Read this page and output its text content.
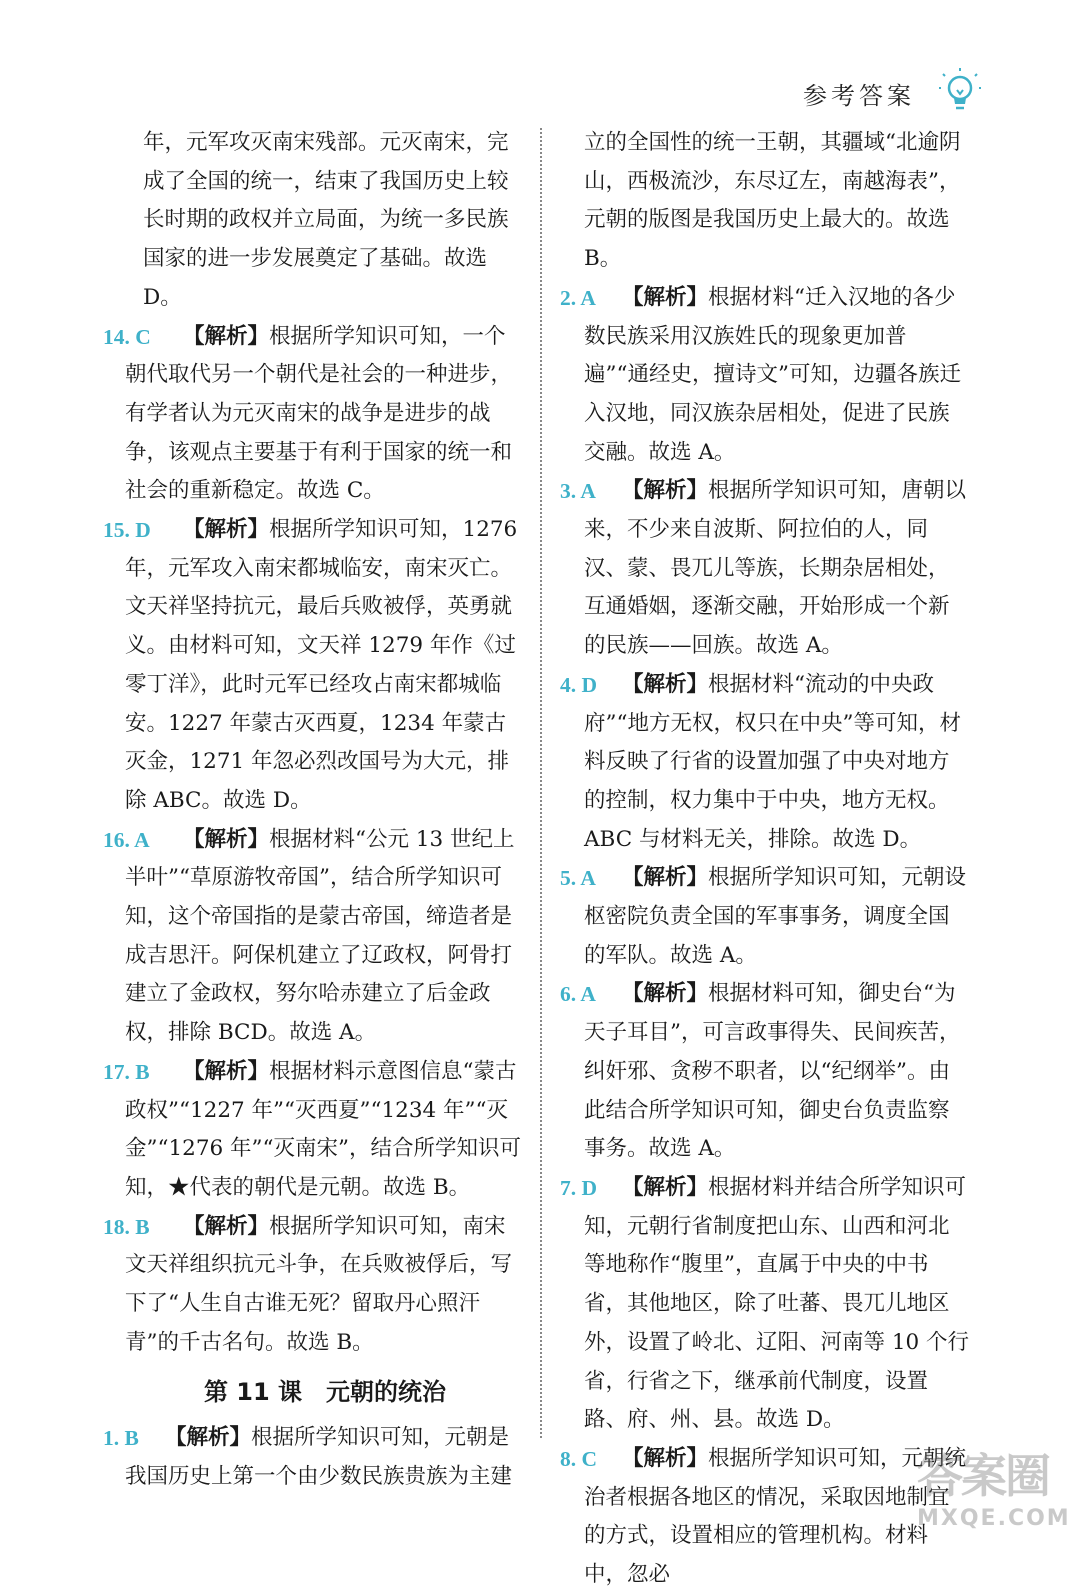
参考答案

年，元军攻灭南宋残部。元灭南宋，完成了全国的统一，结束了我国历史上较长时期的政权并立局面，为统一多民族国家的进一步发展奠定了基础。故选 D。

14. C 【解析】根据所学知识可知，一个朝代取代另一个朝代是社会的一种进步，有学者认为元灭南宋的战争是进步的战争，该观点主要基于有利于国家的统一和社会的重新稳定。故选 C。
15. D 【解析】根据所学知识可知，1276 年，元军攻入南宋都城临安，南宋灭亡。文天祥坚持抗元，最后兵败被俘，英勇就义。由材料可知，文天祥 1279 年作《过零丁洋》，此时元军已经攻占南宋都城临安。1227 年蒙古灭西夏，1234 年蒙古灭金，1271 年忽必烈改国号为大元，排除 ABC。故选 D。
16. A 【解析】根据材料“公元 13 世纪上半叶”“草原游牧帝国”，结合所学知识可知，这个帝国指的是蒙古帝国，缔造者是成吉思汗。阿保机建立了辽政权，阿骨打建立了金政权，努尔哈赤建立了后金政权，排除 BCD。故选 A。
17. B 【解析】根据材料示意图信息“蒙古政权”“1227 年”“灭西夏”“1234 年”“灭金”“1276 年”“灭南宋”，结合所学知识可知，★代表的朝代是元朝。故选 B。
18. B 【解析】根据所学知识可知，南宋文天祥组织抗元斗争，在兵败被俘后，写下了“人生自古谁无死？留取丹心照汗青”的千古名句。故选 B。
第 11 课　元朝的统治
1. B 【解析】根据所学知识可知，元朝是我国历史上第一个由少数民族贵族为主建

立的全国性的统一王朝，其疆域“北逾阴山，西极流沙，东尽辽左，南越海表”，元朝的版图是我国历史上最大的。故选 B。

2. A 【解析】根据材料“迁入汉地的各少数民族采用汉族姓氏的现象更加普遍”“通经史，擅诗文”可知，边疆各族迁入汉地，同汉族杂居相处，促进了民族交融。故选 A。
3. A 【解析】根据所学知识可知，唐朝以来，不少来自波斯、阿拉伯的人，同汉、蒙、畏兀儿等族，长期杂居相处，互通婚姻，逐渐交融，开始形成一个新的民族——回族。故选 A。
4. D 【解析】根据材料“流动的中央政府”“地方无权，权只在中央”等可知，材料反映了行省的设置加强了中央对地方的控制，权力集中于中央，地方无权。ABC 与材料无关，排除。故选 D。
5. A 【解析】根据所学知识可知，元朝设枢密院负责全国的军事事务，调度全国的军队。故选 A。
6. A 【解析】根据材料可知，御史台“为天子耳目”，可言政事得失、民间疾苦，纠奸邪、贪秽不职者，以“纪纲举”。由此结合所学知识可知，御史台负责监察事务。故选 A。
7. D 【解析】根据材料并结合所学知识可知，元朝行省制度把山东、山西和河北等地称作“腹里”，直属于中央的中书省，其他地区，除了吐蕃、畏兀儿地区外，设置了岭北、辽阳、河南等 10 个行省，行省之下，继承前代制度，设置路、府、州、县。故选 D。
8. C 【解析】根据所学知识可知，元朝统治者根据各地区的情况，采取因地制宜的方式，设置相应的管理机构。材料中，忽必
答案圈
MXQE.COM
